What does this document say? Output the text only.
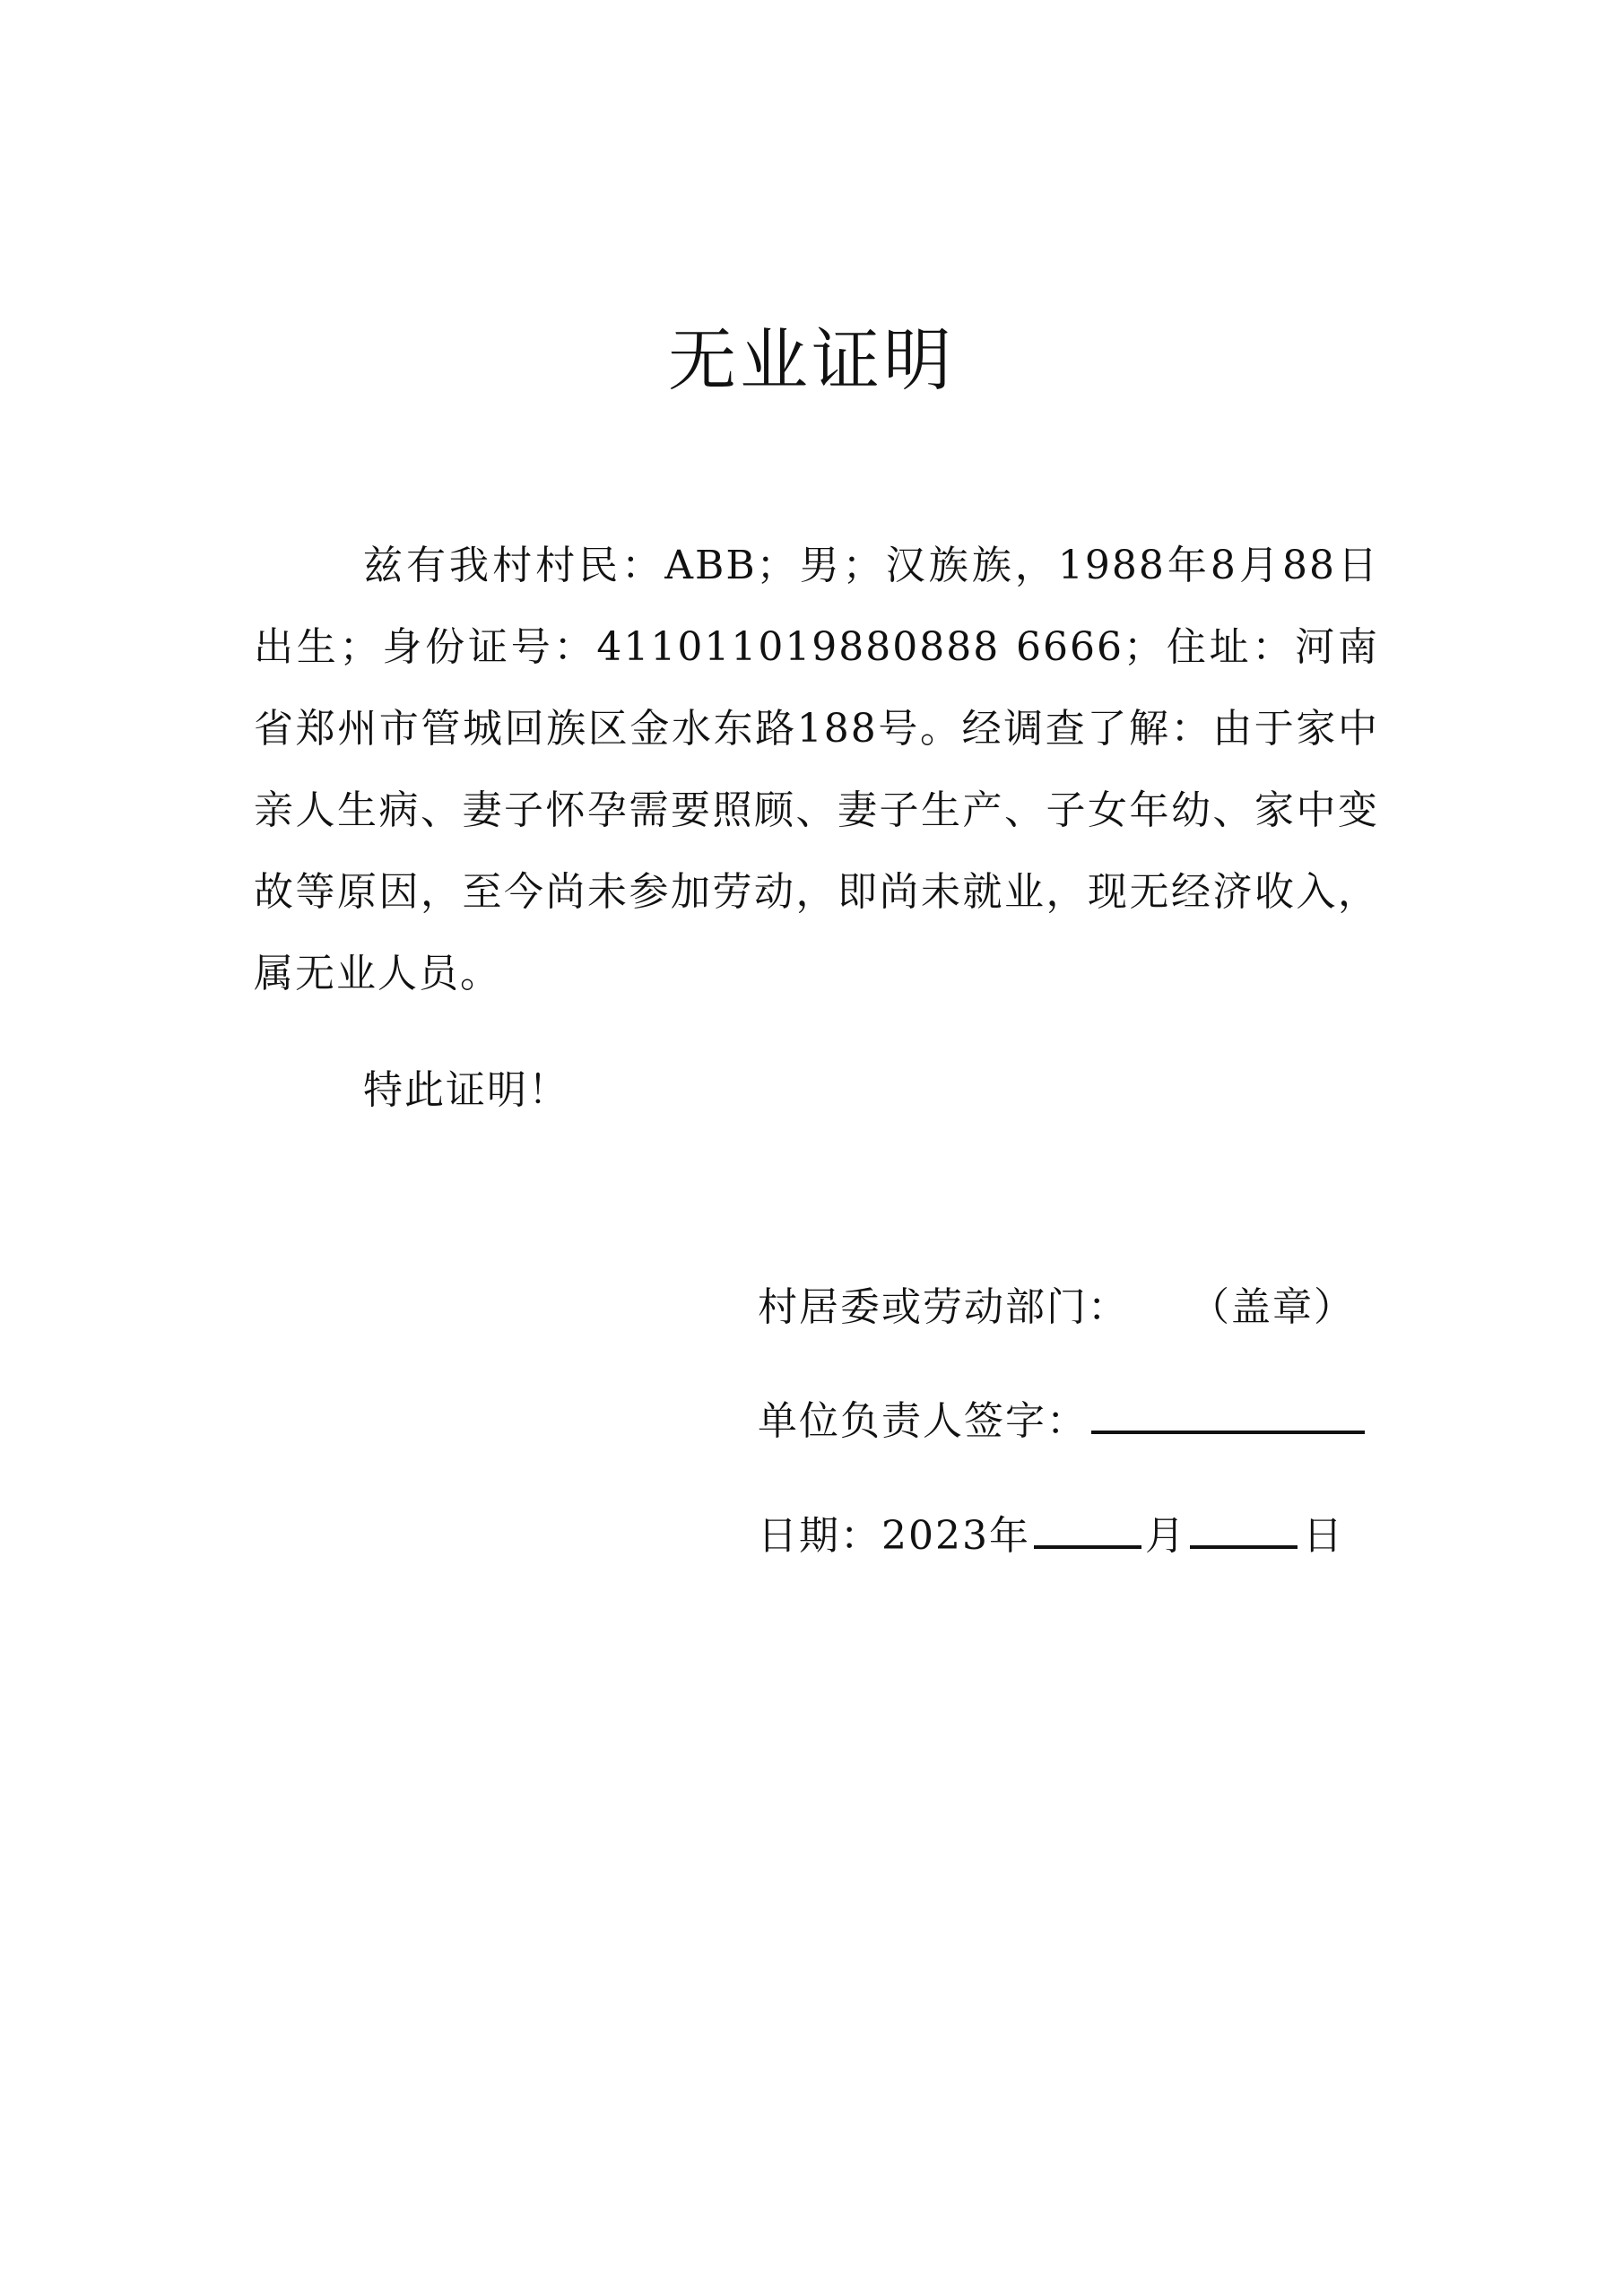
无业证明

兹有我村村民：ABB；男；汉族族，1988年8月88日出生；身份证号：411011019880888 6666；住址：河南省郑州市管城回族区金水东路188号。经调查了解：由于家中亲人生病、妻子怀孕需要照顾、妻子生产、子女年幼、家中变故等原因，至今尚未参加劳动，即尚未就业，现无经济收入，属无业人员。

特此证明！
村居委或劳动部门： （盖章）
单位负责人签字：
日期：2023年	月	日
